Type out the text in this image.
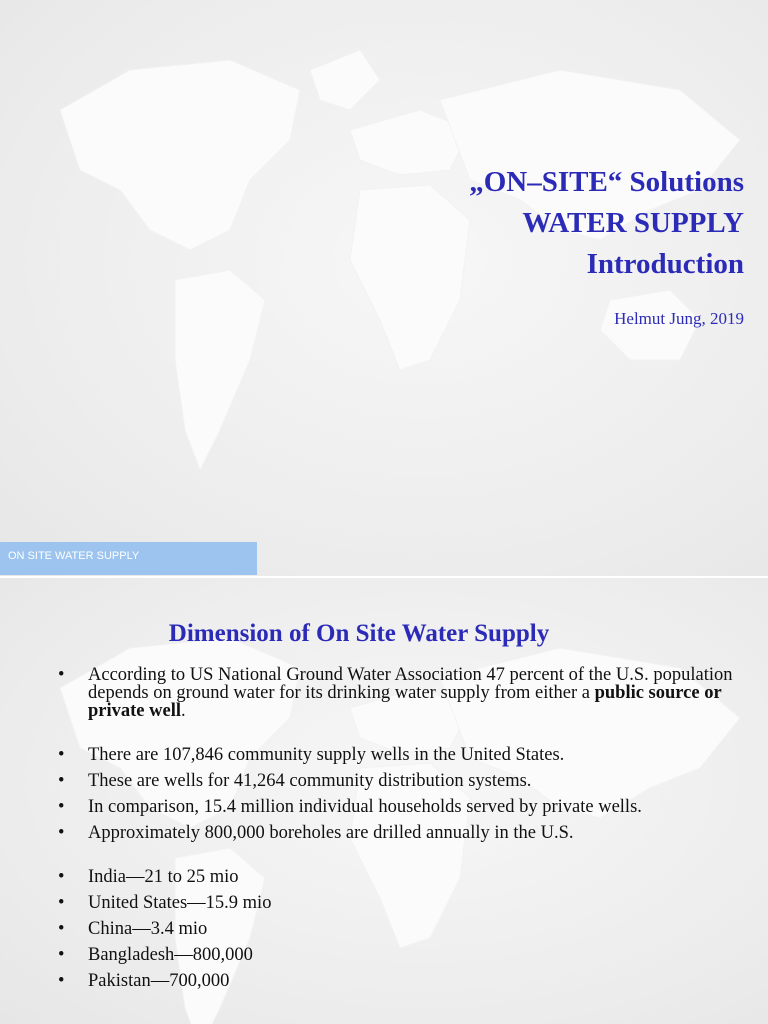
„ON–SITE“ Solutions
WATER SUPPLY
Introduction
Helmut Jung, 2019
ON SITE WATER SUPPLY
Dimension of On Site Water Supply
• According to US National Ground Water Association 47 percent of the U.S. population depends on ground water for its drinking water supply from either a public source or private well.
• There are 107,846 community supply wells in the United States.
• These are wells for 41,264 community distribution systems.
• In comparison, 15.4 million individual households served by private wells.
• Approximately 800,000 boreholes are drilled annually in the U.S.
• India—21 to 25 mio
• United States—15.9 mio
• China—3.4 mio
• Bangladesh—800,000
• Pakistan—700,000
